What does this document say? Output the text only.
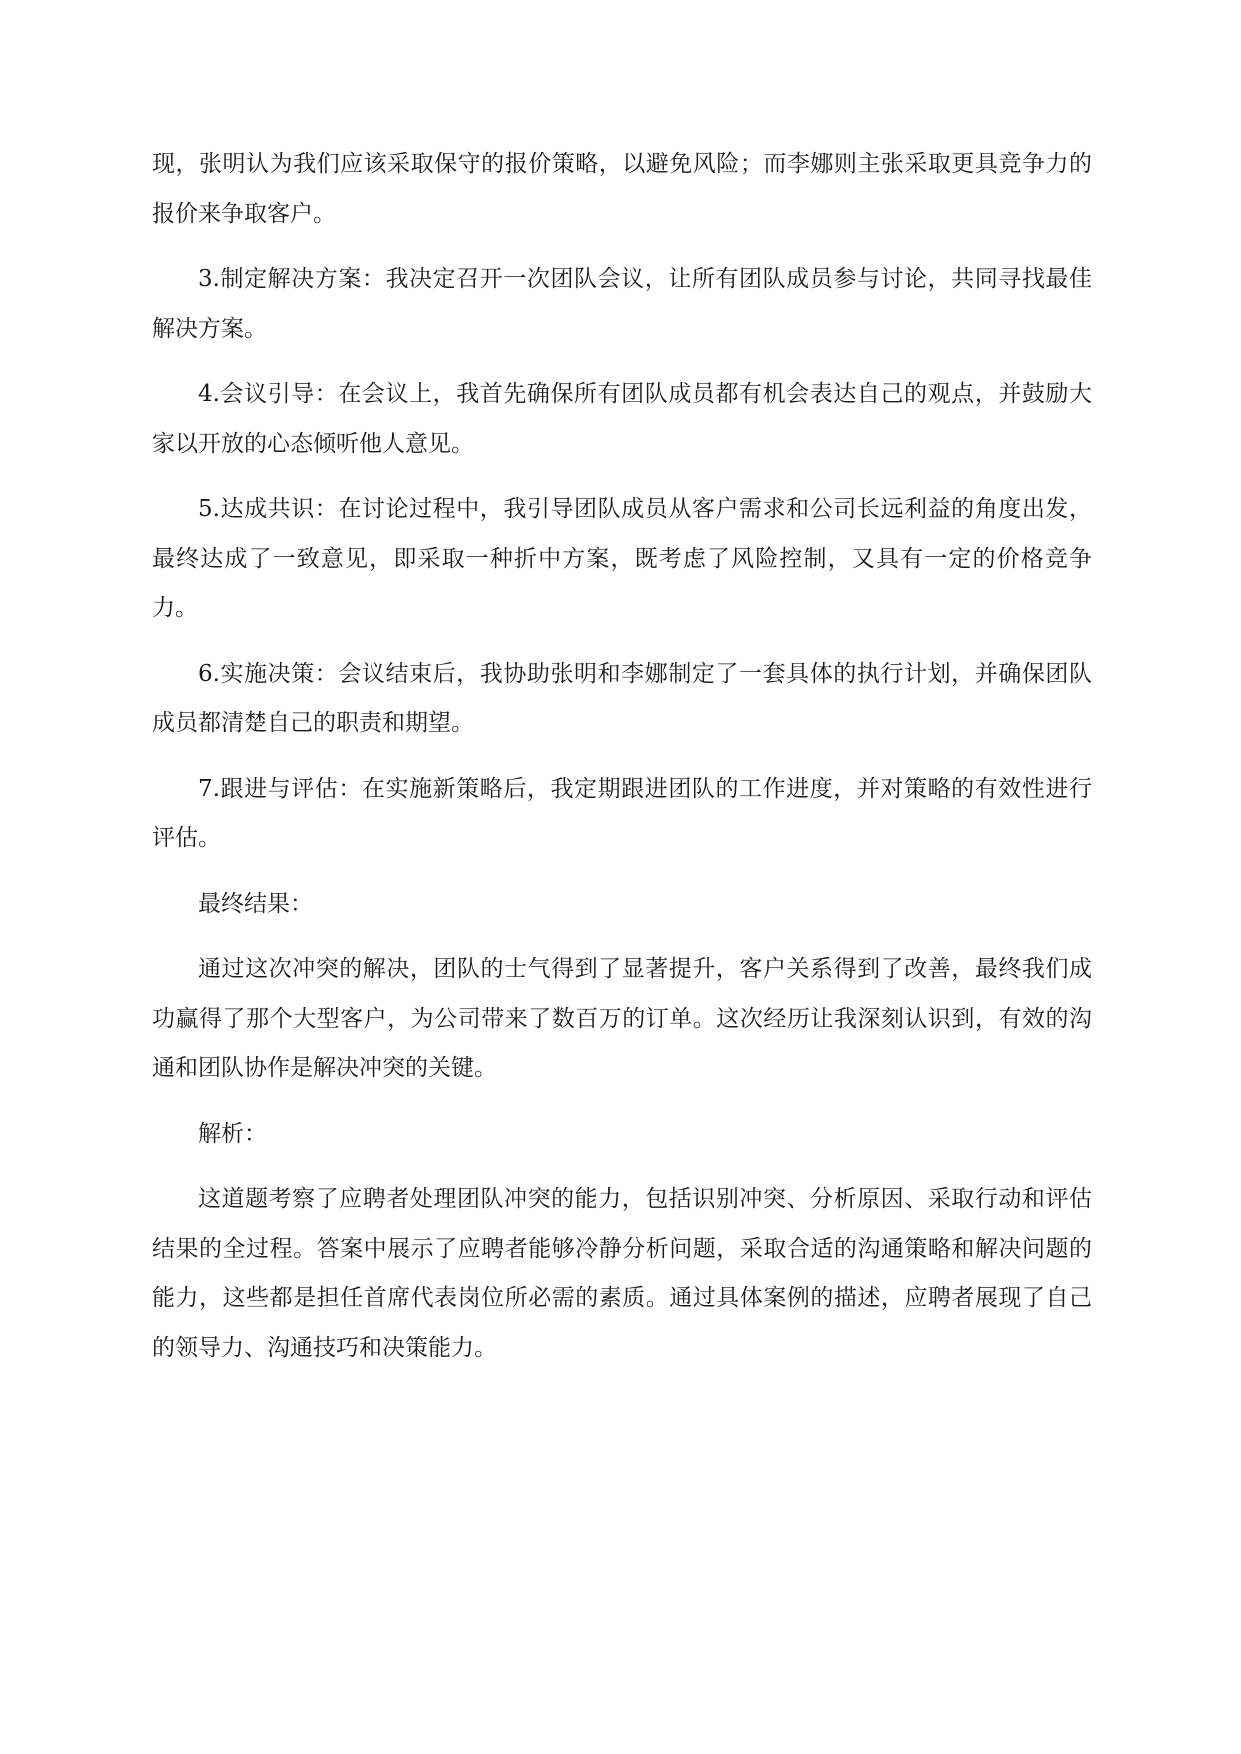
现，张明认为我们应该采取保守的报价策略，以避免风险；而李娜则主张采取更具竞争力的报价来争取客户。

3.制定解决方案：我决定召开一次团队会议，让所有团队成员参与讨论，共同寻找最佳解决方案。

4.会议引导：在会议上，我首先确保所有团队成员都有机会表达自己的观点，并鼓励大家以开放的心态倾听他人意见。

5.达成共识：在讨论过程中，我引导团队成员从客户需求和公司长远利益的角度出发，最终达成了一致意见，即采取一种折中方案，既考虑了风险控制，又具有一定的价格竞争力。

6.实施决策：会议结束后，我协助张明和李娜制定了一套具体的执行计划，并确保团队成员都清楚自己的职责和期望。

7.跟进与评估：在实施新策略后，我定期跟进团队的工作进度，并对策略的有效性进行评估。

最终结果：

通过这次冲突的解决，团队的士气得到了显著提升，客户关系得到了改善，最终我们成功赢得了那个大型客户，为公司带来了数百万的订单。这次经历让我深刻认识到，有效的沟通和团队协作是解决冲突的关键。

解析：

这道题考察了应聘者处理团队冲突的能力，包括识别冲突、分析原因、采取行动和评估结果的全过程。答案中展示了应聘者能够冷静分析问题，采取合适的沟通策略和解决问题的能力，这些都是担任首席代表岗位所必需的素质。通过具体案例的描述，应聘者展现了自己的领导力、沟通技巧和决策能力。
